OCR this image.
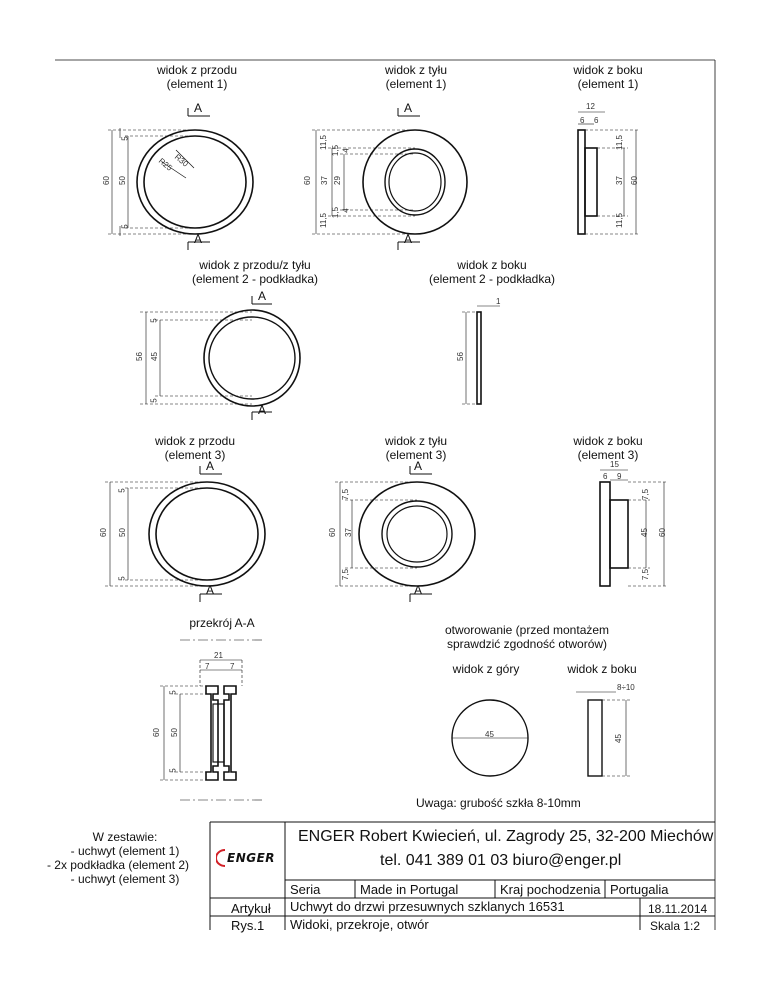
widok z przodu
(element 1)
widok z tyłu
(element 1)
widok z boku
(element 1)
widok z przodu/z tyłu
(element 2 - podkładka)
widok z boku
(element 2 - podkładka)
widok z przodu
(element 3)
widok z tyłu
(element 3)
widok z boku
(element 3)
przekrój A-A	otworowanie (przed montażem
sprawdzić zgodność otworów)
widok z góry	widok z boku
A
A
A
A
A
A
A
A
A
A
60 50
5
5
R25
R30
60 37 29
11,5
11,5
4
4
1,5
1,5
12
6 6
60
37
11,5
11,5
56 45
5
5
56
1
60 50
5
5
60 37
7,5
7,5
15
6 9
60
45
7,5
7,5
21
7	7
60 50
5
5
45
8÷10
45
Uwaga: grubość szkła 8-10mm
W zestawie:
- uchwyt (element 1)
- 2x podkładka (element 2)
- uchwyt (element 3)
ENGER
ENGER Robert Kwiecień, ul. Zagrody 25, 32-200 Miechów
tel. 041 389 01 03 biuro@enger.pl
Seria	Made in Portugal	Kraj pochodzenia Portugalia
Artykuł Uchwyt do drzwi przesuwnych szklanych 16531	18.11.2014
Rys.1 Widoki, przekroje, otwór	Skala 1:2
